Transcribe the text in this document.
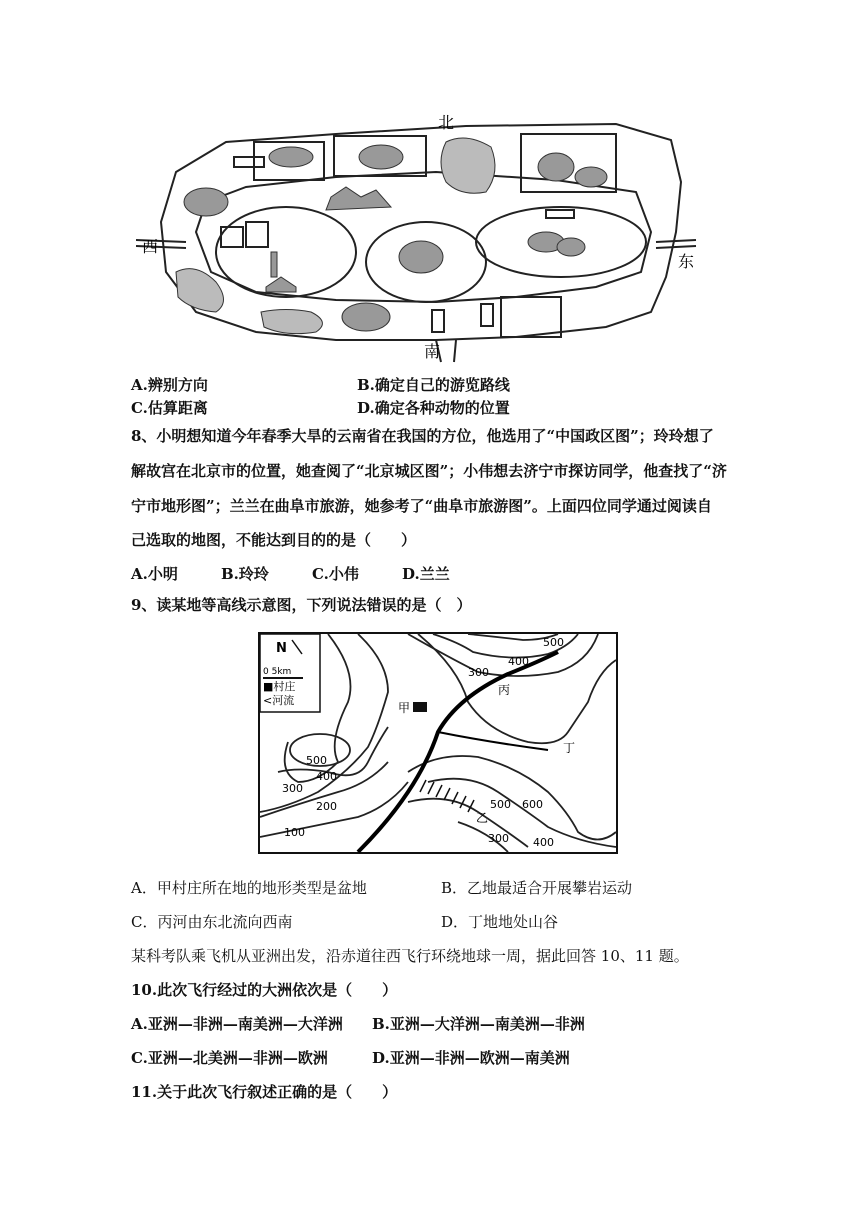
北
南
东
西
A.辨别方向	B.确定自己的游览路线
C.估算距离	D.确定各种动物的位置
8、小明想知道今年春季大旱的云南省在我国的方位，他选用了“中国政区图”；玲玲想了
解故宫在北京市的位置，她查阅了“北京城区图”；小伟想去济宁市探访同学，他查找了“济
宁市地形图”；兰兰在曲阜市旅游，她参考了“曲阜市旅游图”。上面四位同学通过阅读自
己选取的地图，不能达到目的的是（　　）
A.小明	B.玲玲	C.小伟	D.兰兰
9、读某地等高线示意图，下列说法错误的是（　）
N
0 5km
■村庄
<河流
甲
乙
丙
丁
500
400
300
500
400
300
200
100
500 600
300 400
A．甲村庄所在地的地形类型是盆地	B．乙地最适合开展攀岩运动
C．丙河由东北流向西南	D．丁地地处山谷
某科考队乘飞机从亚洲出发，沿赤道往西飞行环绕地球一周，据此回答 10、11 题。
10.此次飞行经过的大洲依次是（　　）
A.亚洲—非洲—南美洲—大洋洲 B.亚洲—大洋洲—南美洲—非洲
C.亚洲—北美洲—非洲—欧洲	D.亚洲—非洲—欧洲—南美洲
11.关于此次飞行叙述正确的是（　　）
